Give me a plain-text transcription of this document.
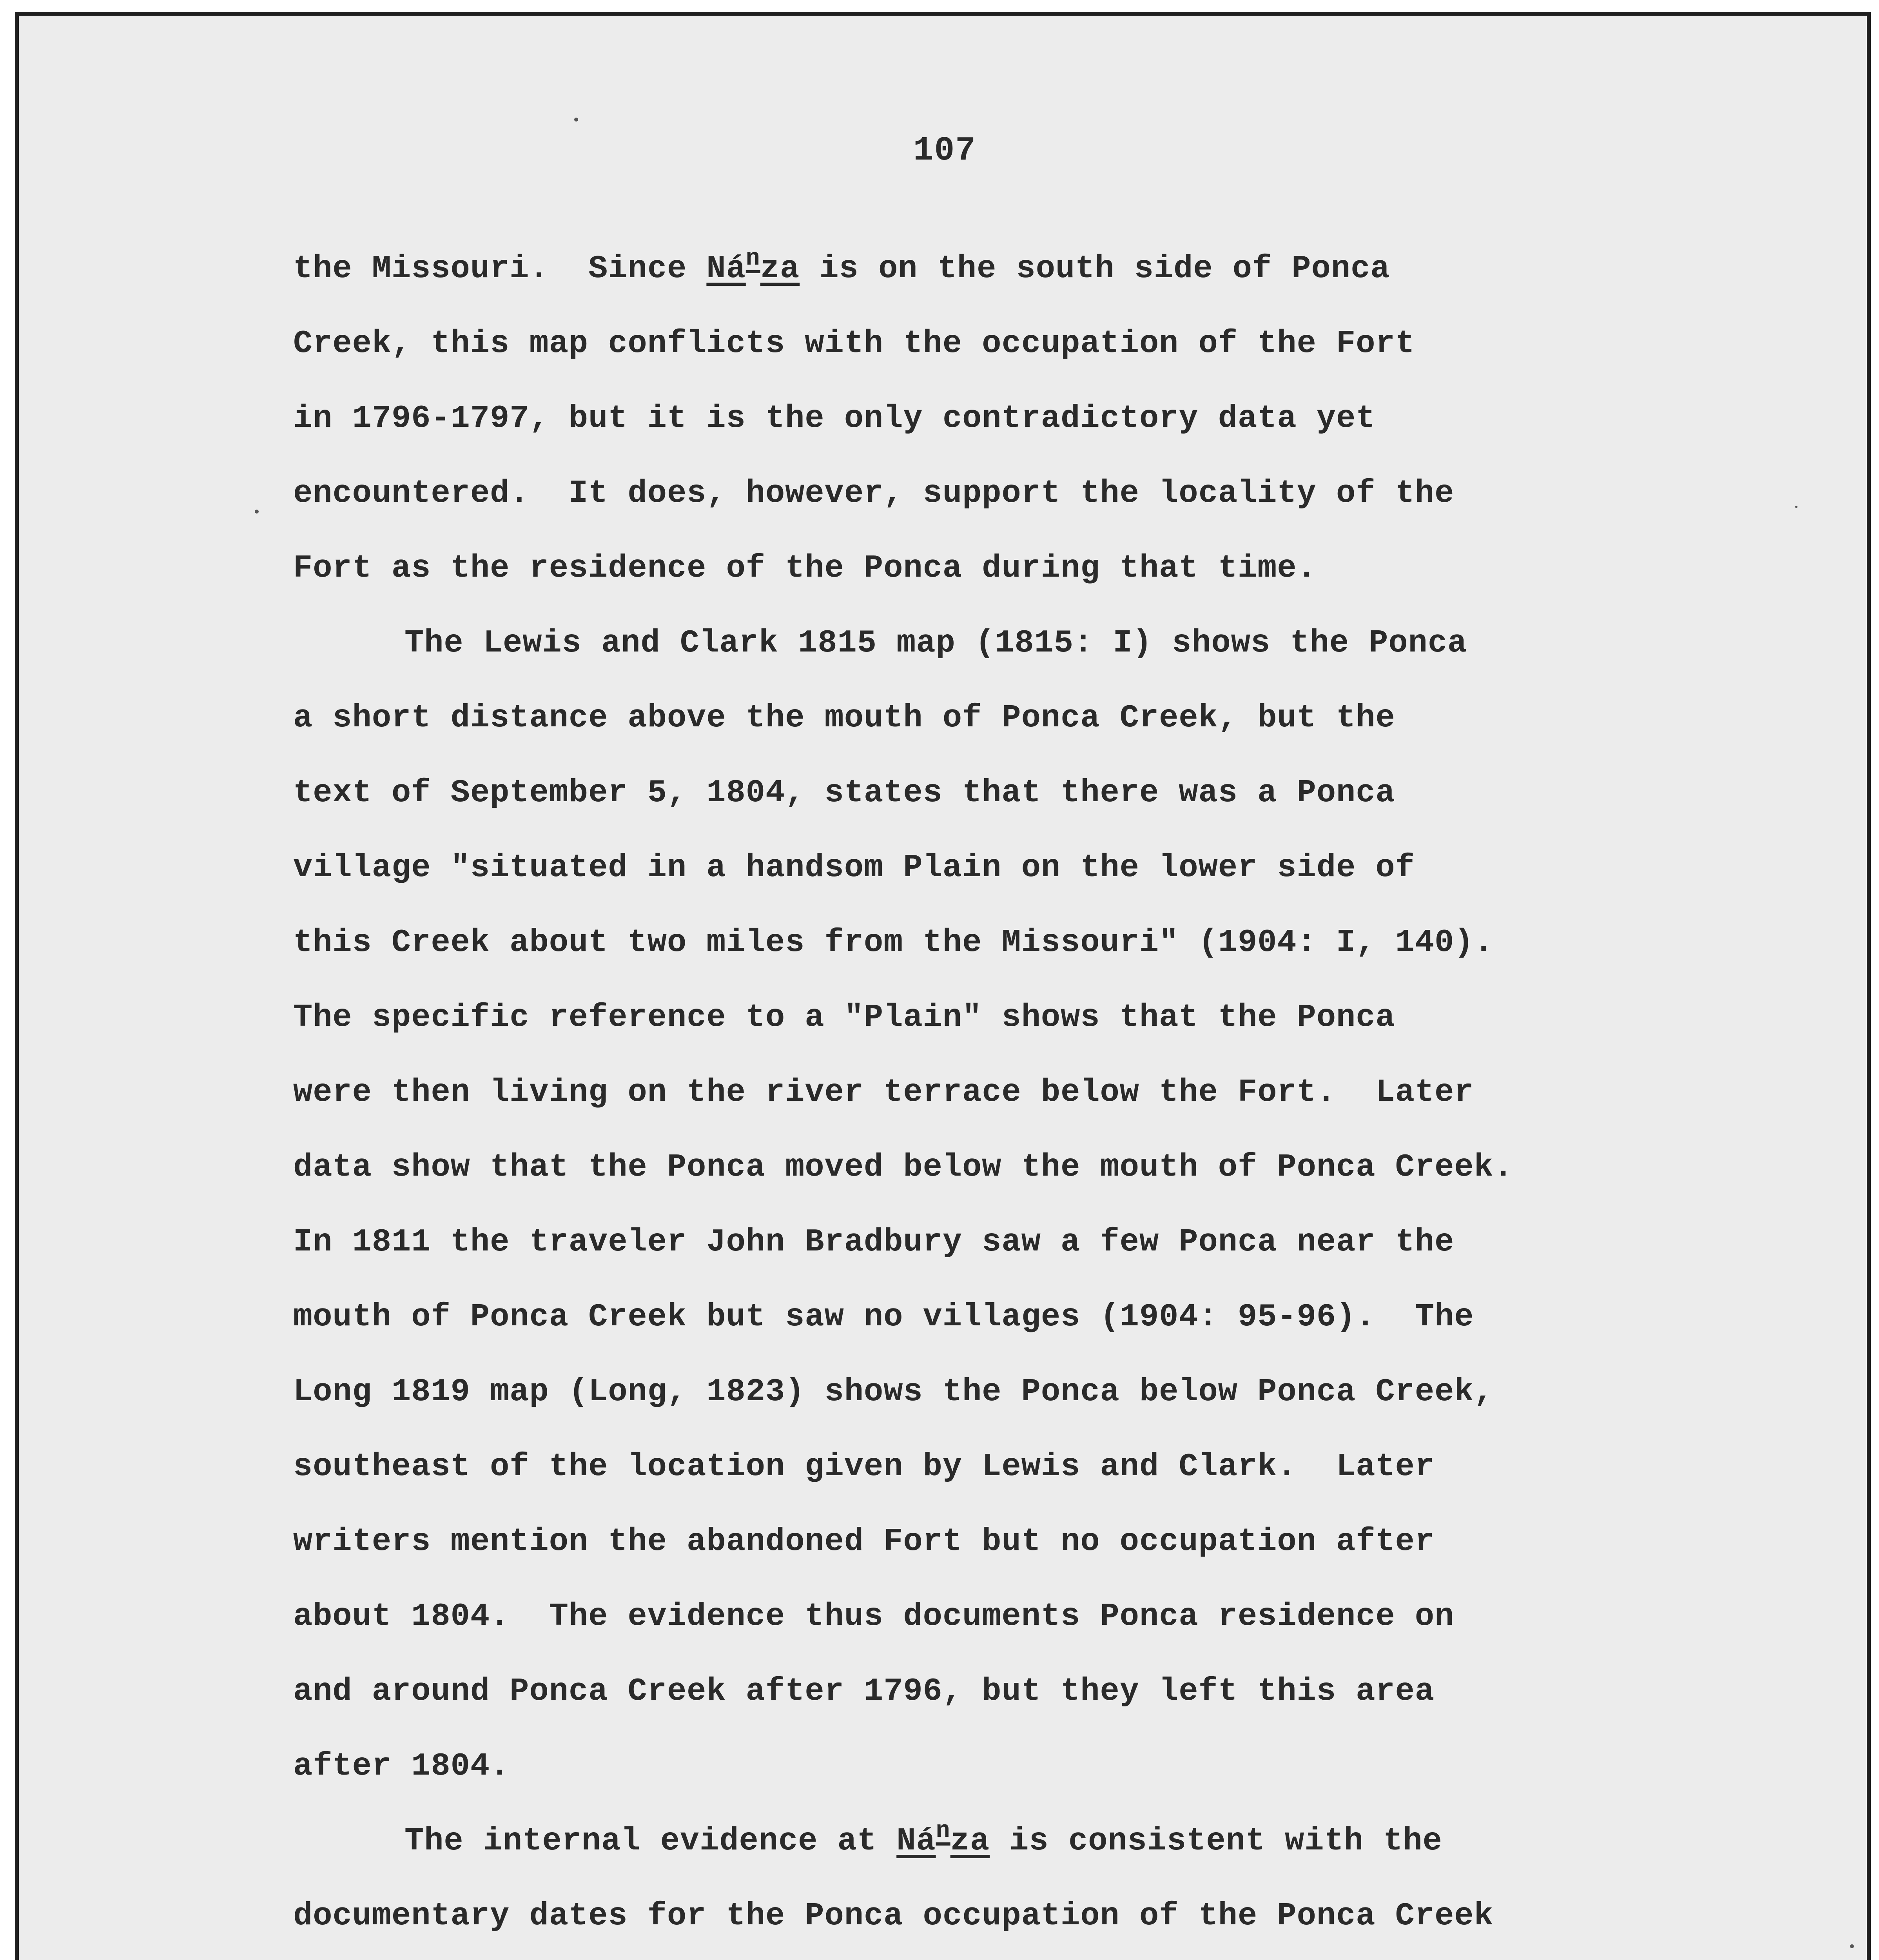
107
the Missouri.  Since $Ná^nza$ is on the south side of Ponca
Creek, this map conflicts with the occupation of the Fort
in 1796-1797, but it is the only contradictory data yet
encountered.  It does, however, support the locality of the
Fort as the residence of the Ponca during that time.
The Lewis and Clark 1815 map (1815: I) shows the Ponca
a short distance above the mouth of Ponca Creek, but the
text of September 5, 1804, states that there was a Ponca
village "situated in a handsom Plain on the lower side of
this Creek about two miles from the Missouri" (1904: I, 140).
The specific reference to a "Plain" shows that the Ponca
were then living on the river terrace below the Fort.  Later
data show that the Ponca moved below the mouth of Ponca Creek.
In 1811 the traveler John Bradbury saw a few Ponca near the
mouth of Ponca Creek but saw no villages (1904: 95-96).  The
Long 1819 map (Long, 1823) shows the Ponca below Ponca Creek,
southeast of the location given by Lewis and Clark.  Later
writers mention the abandoned Fort but no occupation after
about 1804.  The evidence thus documents Ponca residence on
and around Ponca Creek after 1796, but they left this area
after 1804.
The internal evidence at $Ná^nza$ is consistent with the
documentary dates for the Ponca occupation of the Ponca Creek
